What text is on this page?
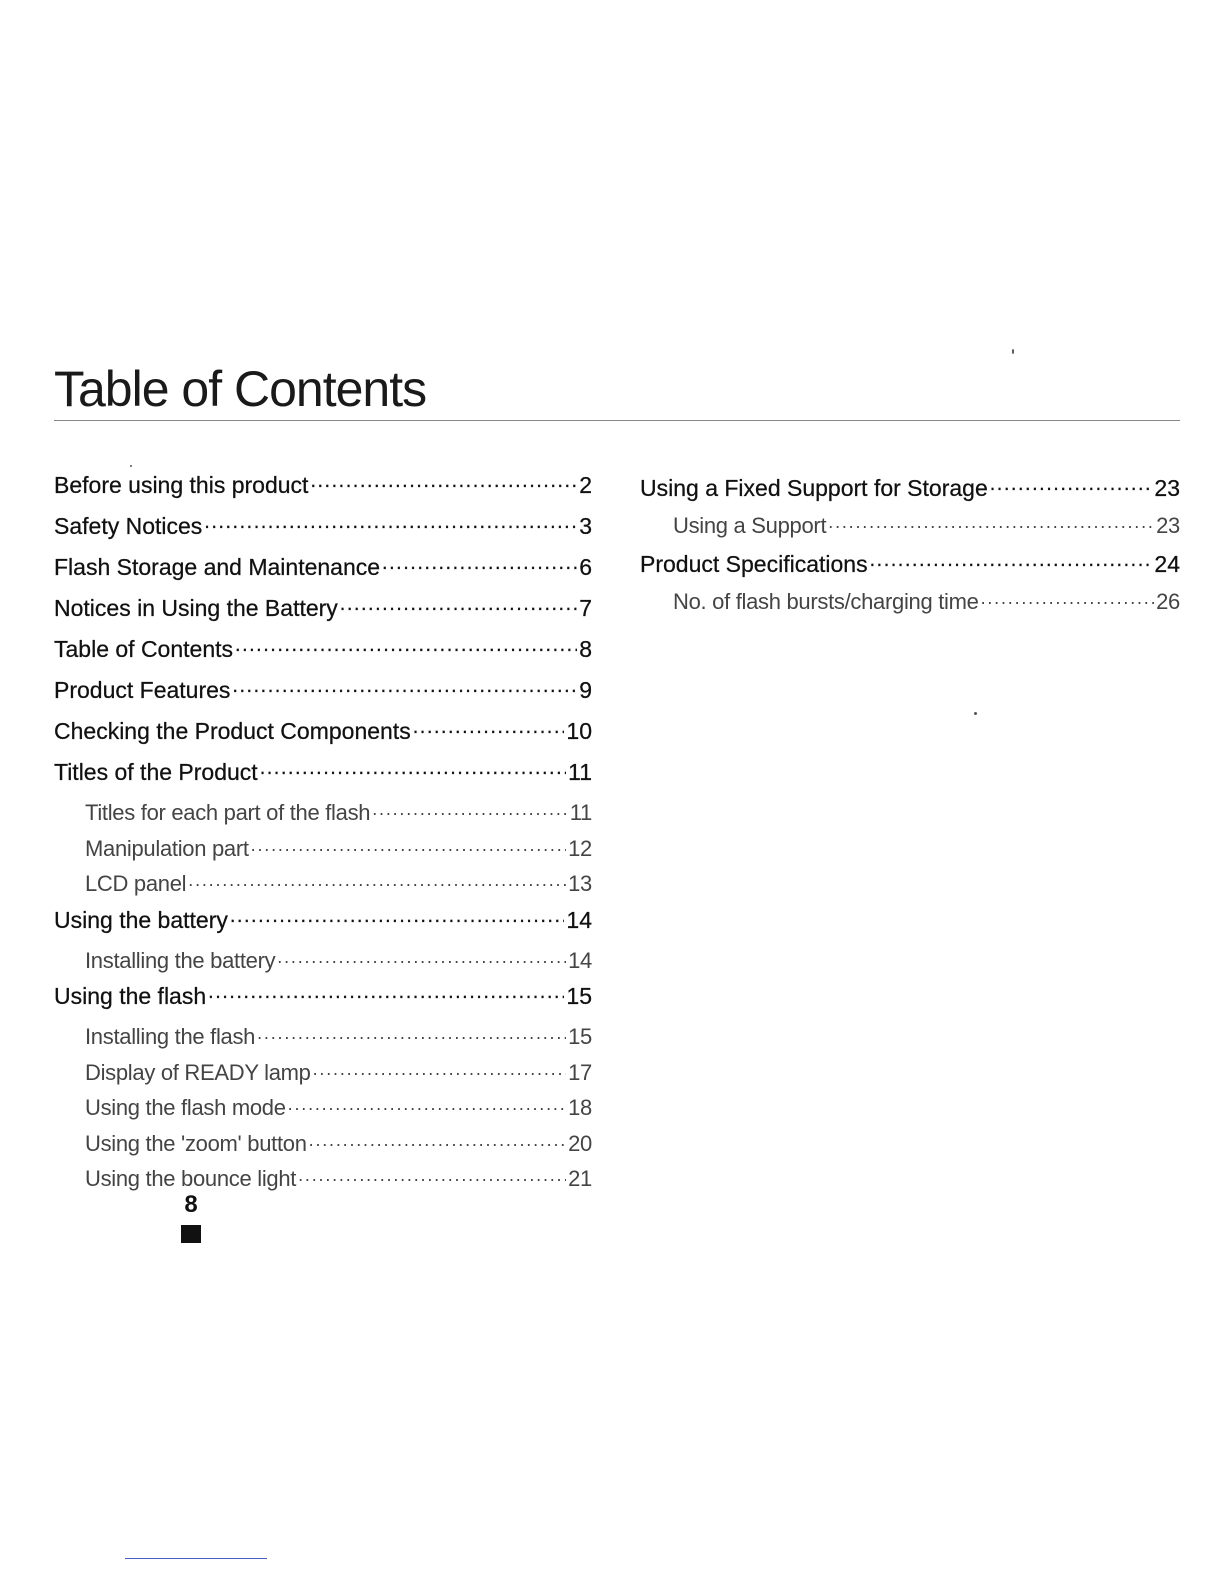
Table of Contents
Before using this product .....	2
Safety Notices .....	3
Flash Storage and Maintenance .....	6
Notices in Using the Battery .....	7
Table of Contents .....	8
Product Features .....	9
Checking the Product Components .....	10
Titles of the Product .....	11
Titles for each part of the flash .....	11
Manipulation part .....	12
LCD panel .....	13
Using the battery .....	14
Installing the battery .....	14
Using the flash .....	15
Installing the flash .....	15
Display of READY lamp .....	17
Using the flash mode .....	18
Using the 'zoom' button .....	20
Using the bounce light .....	21
Using a Fixed Support for Storage .....	23
Using a Support .....	23
Product Specifications .....	24
No. of flash bursts/charging time .....	26
8
